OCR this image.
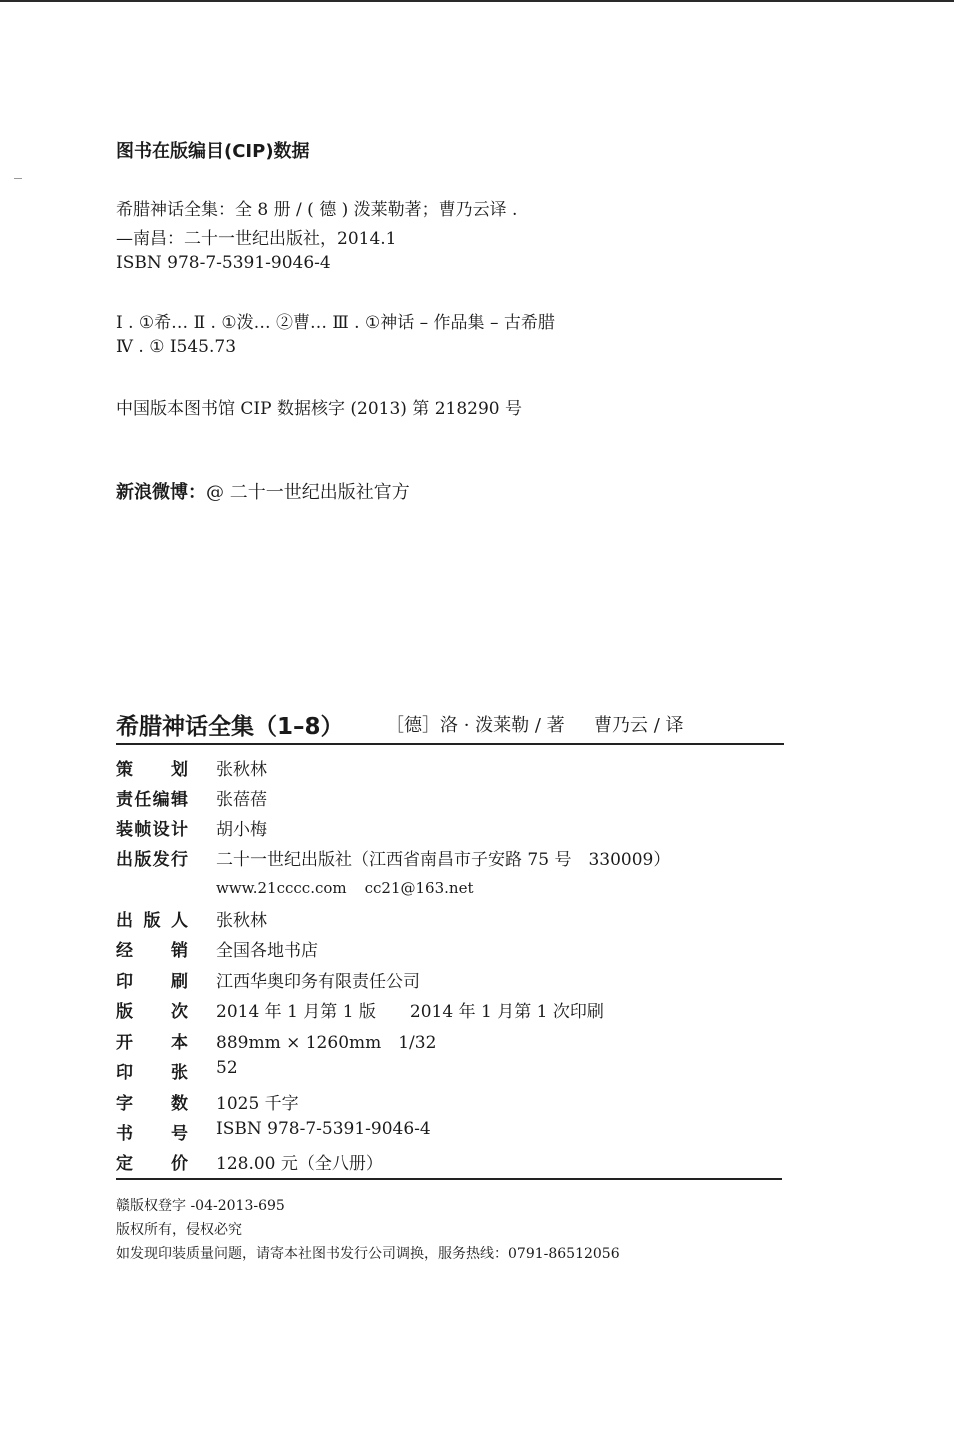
图书在版编目(CIP)数据
希腊神话全集：全 8 册 / ( 德 ) 泼莱勒著；曹乃云译 .
—南昌：二十一世纪出版社，2014.1
ISBN 978-7-5391-9046-4
Ⅰ . ①希… Ⅱ . ①泼… ②曹… Ⅲ . ①神话 – 作品集 – 古希腊
Ⅳ . ① I545.73
中国版本图书馆 CIP 数据核字 (2013) 第 218290 号
新浪微博：@ 二十一世纪出版社官方
希腊神话全集（1–8） ［德］洛 · 泼莱勒 / 著 曹乃云 / 译
策划 张秋林
责任编辑 张蓓蓓
装帧设计 胡小梅
出版发行 二十一世纪出版社（江西省南昌市子安路 75 号　330009）
www.21cccc.com cc21@163.net
出版人 张秋林
经销 全国各地书店
印刷 江西华奥印务有限责任公司
版次 2014 年 1 月第 1 版　　2014 年 1 月第 1 次印刷
开本 889mm × 1260mm　1/32
印张 52
字数 1025 千字
书号 ISBN 978-7-5391-9046-4
定价 128.00 元（全八册）
赣版权登字 -04-2013-695
版权所有，侵权必究
如发现印装质量问题，请寄本社图书发行公司调换，服务热线：0791-86512056
